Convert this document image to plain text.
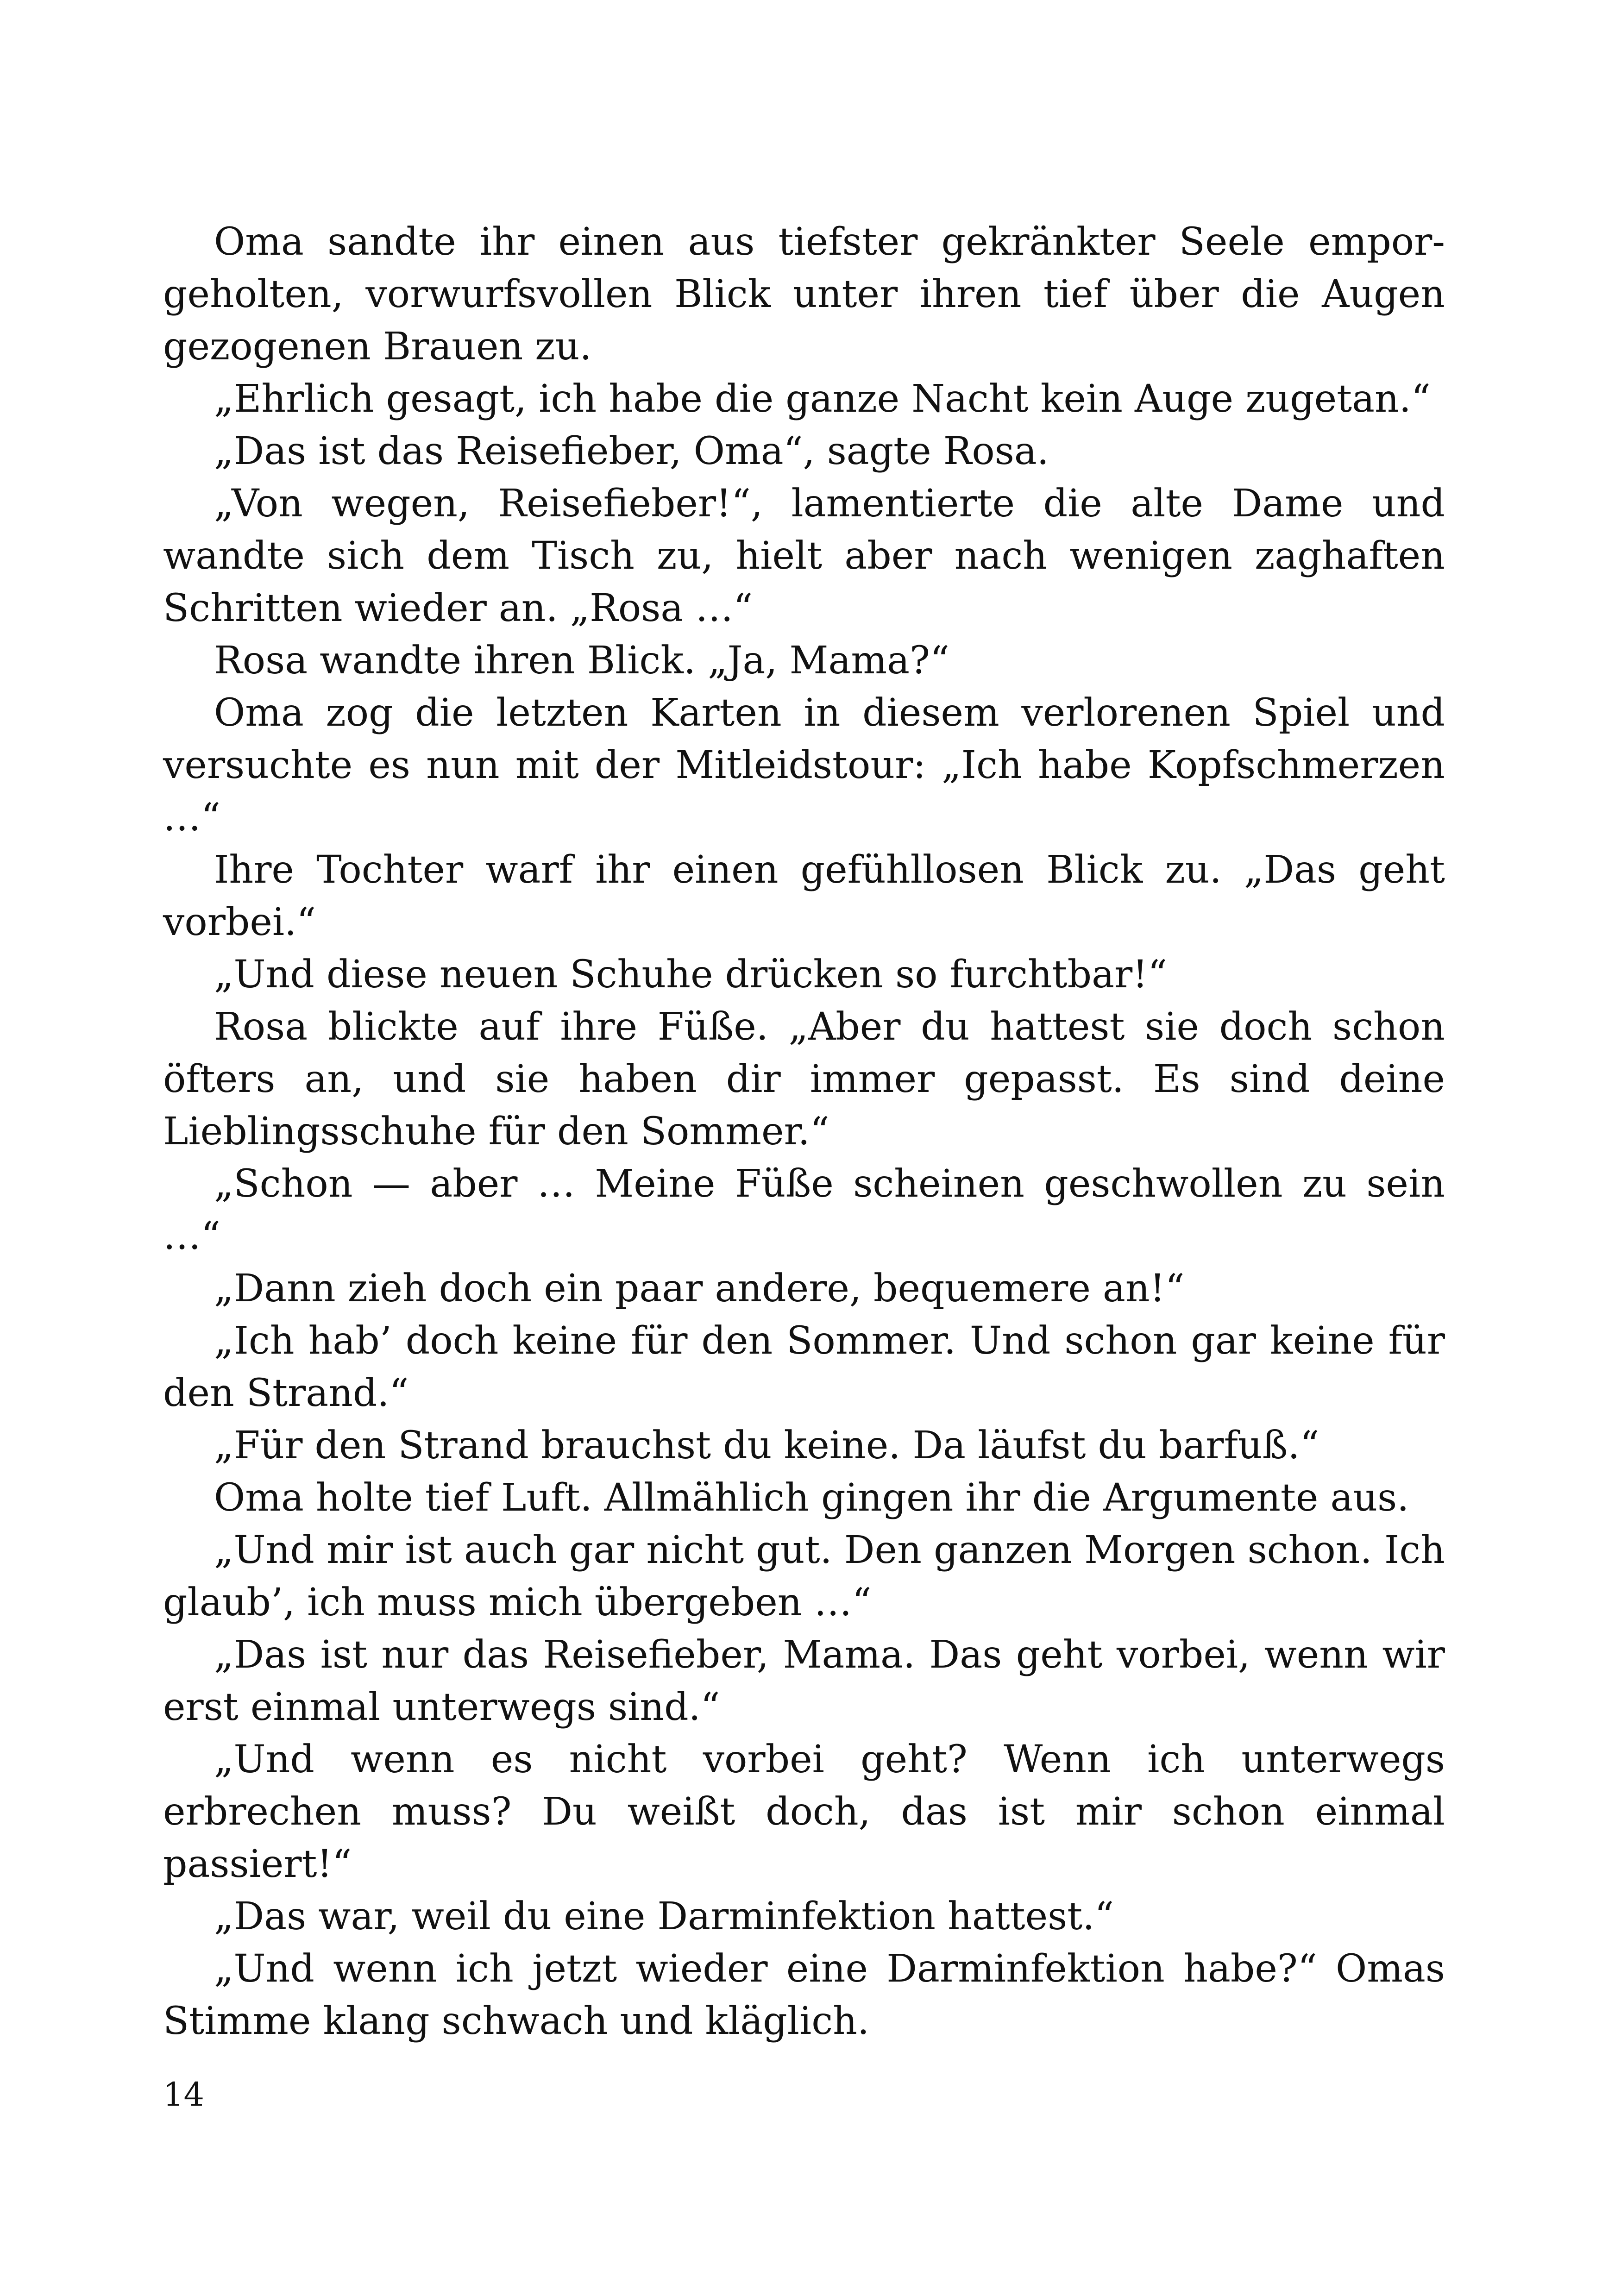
Oma sandte ihr einen aus tiefster gekränkter Seele emporgeholten, vorwurfsvollen Blick unter ihren tief über die Augen gezogenen Brauen zu.

„Ehrlich gesagt, ich habe die ganze Nacht kein Auge zugetan.“

„Das ist das Reisefieber, Oma“, sagte Rosa.

„Von wegen, Reisefieber!“, lamentierte die alte Dame und wandte sich dem Tisch zu, hielt aber nach wenigen zaghaften Schritten wieder an. „Rosa …“

Rosa wandte ihren Blick. „Ja, Mama?“

Oma zog die letzten Karten in diesem verlorenen Spiel und versuchte es nun mit der Mitleidstour: „Ich habe Kopfschmerzen …“

Ihre Tochter warf ihr einen gefühllosen Blick zu. „Das geht vorbei.“

„Und diese neuen Schuhe drücken so furchtbar!“

Rosa blickte auf ihre Füße. „Aber du hattest sie doch schon öfters an, und sie haben dir immer gepasst. Es sind deine Lieblingsschuhe für den Sommer.“

„Schon — aber … Meine Füße scheinen geschwollen zu sein …“

„Dann zieh doch ein paar andere, bequemere an!“

„Ich hab’ doch keine für den Sommer. Und schon gar keine für den Strand.“

„Für den Strand brauchst du keine. Da läufst du barfuß.“

Oma holte tief Luft. Allmählich gingen ihr die Argumente aus.

„Und mir ist auch gar nicht gut. Den ganzen Morgen schon. Ich glaub’, ich muss mich übergeben …“

„Das ist nur das Reisefieber, Mama. Das geht vorbei, wenn wir erst einmal unterwegs sind.“

„Und wenn es nicht vorbei geht? Wenn ich unterwegs erbrechen muss? Du weißt doch, das ist mir schon einmal passiert!“

„Das war, weil du eine Darminfektion hattest.“

„Und wenn ich jetzt wieder eine Darminfektion habe?“ Omas Stimme klang schwach und kläglich.

14
